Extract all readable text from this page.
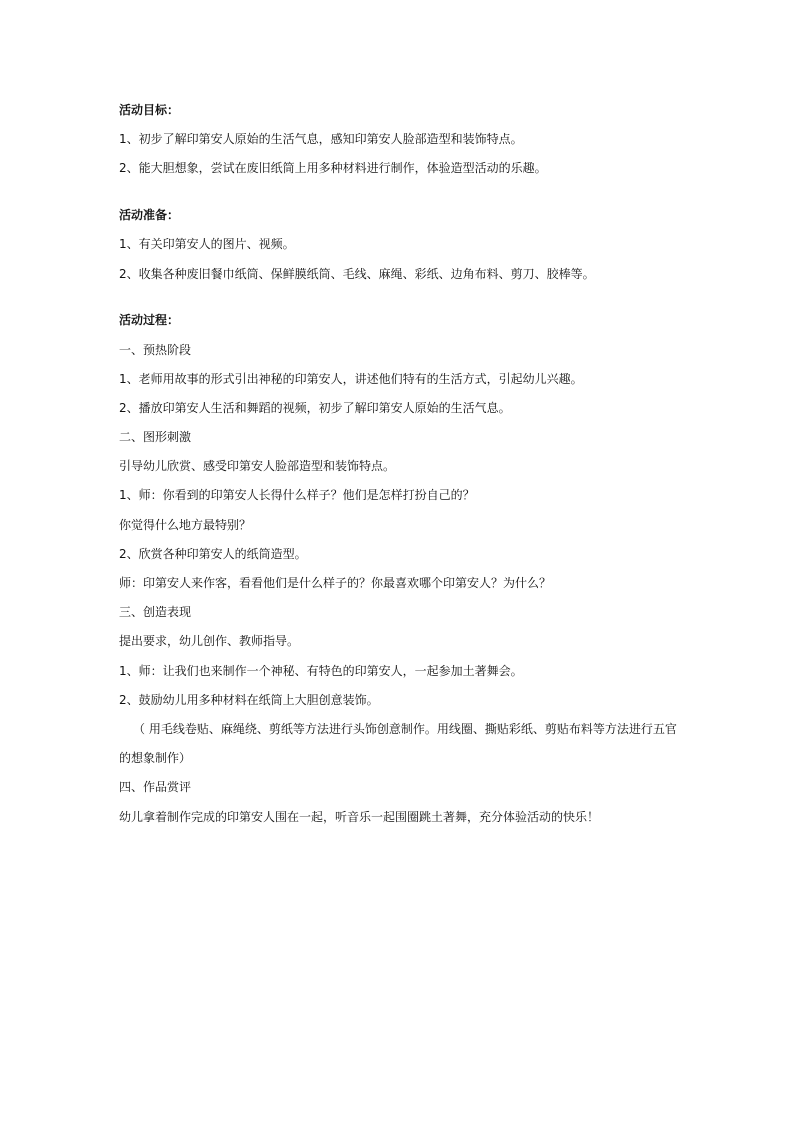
活动目标：
1、初步了解印第安人原始的生活气息，感知印第安人脸部造型和装饰特点。
2、能大胆想象，尝试在废旧纸筒上用多种材料进行制作，体验造型活动的乐趣。
活动准备：
1、有关印第安人的图片、视频。
2、收集各种废旧餐巾纸筒、保鲜膜纸筒、毛线、麻绳、彩纸、边角布料、剪刀、胶棒等。
活动过程：
一、预热阶段
1、老师用故事的形式引出神秘的印第安人，讲述他们特有的生活方式，引起幼儿兴趣。
2、播放印第安人生活和舞蹈的视频，初步了解印第安人原始的生活气息。
二、图形刺激
引导幼儿欣赏、感受印第安人脸部造型和装饰特点。
1、师：你看到的印第安人长得什么样子？他们是怎样打扮自己的？
你觉得什么地方最特别？
2、欣赏各种印第安人的纸筒造型。
师：印第安人来作客，看看他们是什么样子的？你最喜欢哪个印第安人？为什么？
三、创造表现
提出要求，幼儿创作、教师指导。
1、师：让我们也来制作一个神秘、有特色的印第安人，一起参加土著舞会。
2、鼓励幼儿用多种材料在纸筒上大胆创意装饰。
（ 用毛线卷贴、麻绳绕、剪纸等方法进行头饰创意制作。用线圈、撕贴彩纸、剪贴布料等方法进行五官
的想象制作）
四、作品赏评
幼儿拿着制作完成的印第安人围在一起，听音乐一起围圈跳土著舞，充分体验活动的快乐！
